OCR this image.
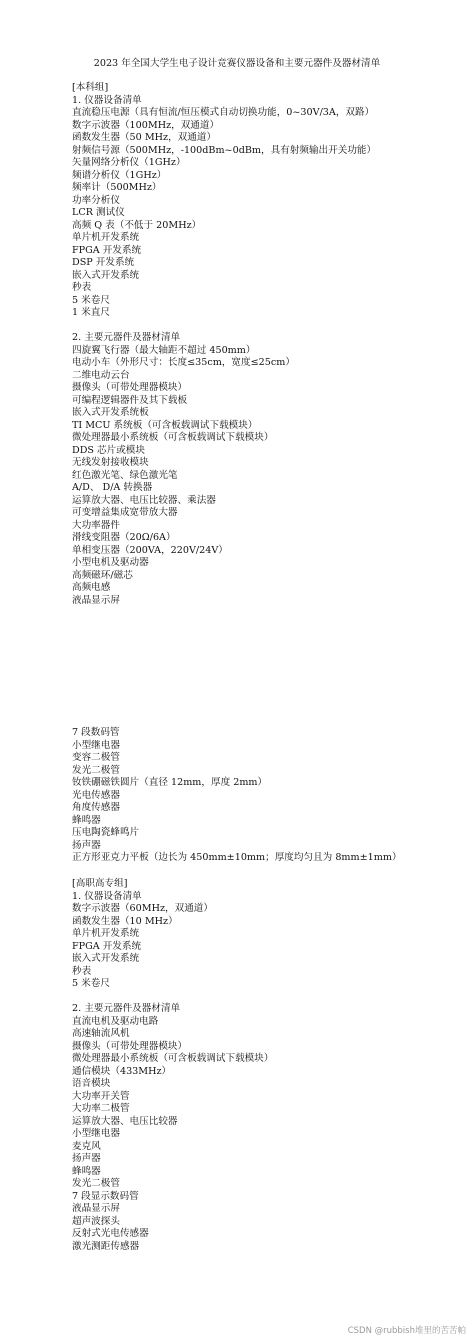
2023 年全国大学生电子设计竞赛仪器设备和主要元器件及器材清单
[本科组]
1. 仪器设备清单
直流稳压电源（具有恒流/恒压模式自动切换功能，0~30V/3A，双路）
数字示波器（100MHz，双通道）
函数发生器（50 MHz，双通道）
射频信号源（500MHz，-100dBm~0dBm，具有射频输出开关功能）
矢量网络分析仪（1GHz）
频谱分析仪（1GHz）
频率计（500MHz）
功率分析仪
LCR 测试仪
高频 Q 表（不低于 20MHz）
单片机开发系统
FPGA 开发系统
DSP 开发系统
嵌入式开发系统
秒表
5 米卷尺
1 米直尺
2. 主要元器件及器材清单
四旋翼飞行器（最大轴距不超过 450mm）
电动小车（外形尺寸：长度≤35cm，宽度≤25cm）
二维电动云台
摄像头（可带处理器模块）
可编程逻辑器件及其下载板
嵌入式开发系统板
TI MCU 系统板（可含板载调试下载模块）
微处理器最小系统板（可含板载调试下载模块）
DDS 芯片或模块
无线发射接收模块
红色激光笔、绿色激光笔
A/D、 D/A 转换器
运算放大器、电压比较器、乘法器
可变增益集成宽带放大器
大功率器件
滑线变阻器（20Ω/6A）
单相变压器（200VA，220V/24V）
小型电机及驱动器
高频磁环/磁芯
高频电感
液晶显示屏
7 段数码管
小型继电器
变容二极管
发光二极管
钕铁硼磁铁圆片（直径 12mm，厚度 2mm）
光电传感器
角度传感器
蜂鸣器
压电陶瓷蜂鸣片
扬声器
正方形亚克力平板（边长为 450mm±10mm；厚度均匀且为 8mm±1mm）
[高职高专组]
1. 仪器设备清单
数字示波器（60MHz，双通道）
函数发生器（10 MHz）
单片机开发系统
FPGA 开发系统
嵌入式开发系统
秒表
5 米卷尺
2. 主要元器件及器材清单
直流电机及驱动电路
高速轴流风机
摄像头（可带处理器模块）
微处理器最小系统板（可含板载调试下载模块）
通信模块（433MHz）
语音模块
大功率开关管
大功率二极管
运算放大器、电压比较器
小型继电器
麦克风
扬声器
蜂鸣器
发光二极管
7 段显示数码管
液晶显示屏
超声波探头
反射式光电传感器
激光测距传感器
CSDN @rubbish堆里的苦苦帕
